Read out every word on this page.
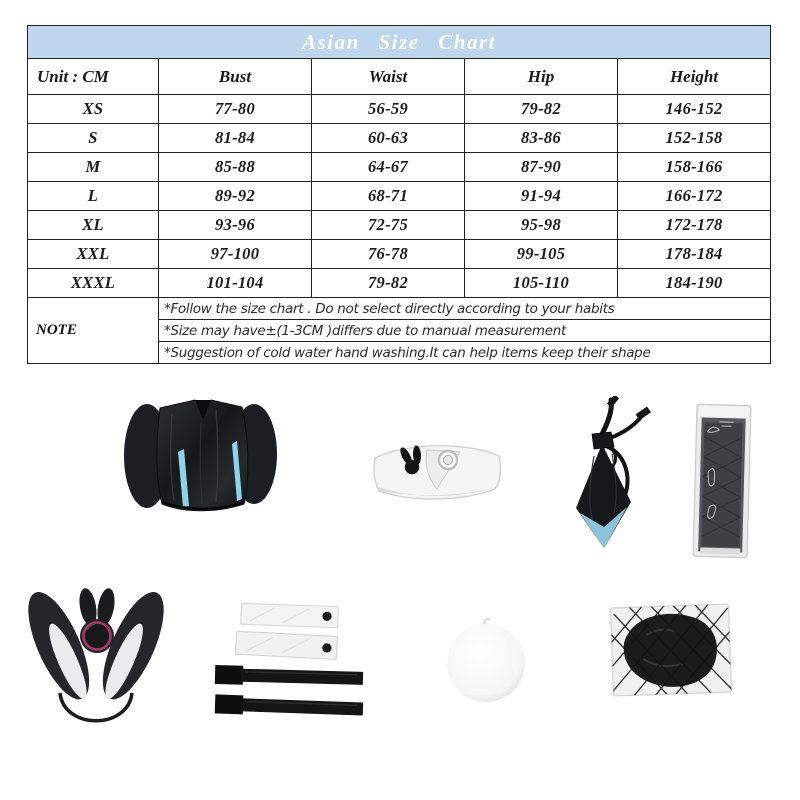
Asian Size Chart				
Unit : CM	Bust	Waist	Hip	Height
XS	77-80	56-59	79-82	146-152
S	81-84	60-63	83-86	152-158
M	85-88	64-67	87-90	158-166
L	89-92	68-71	91-94	166-172
XL	93-96	72-75	95-98	172-178
XXL	97-100	76-78	99-105	178-184
XXXL	101-104	79-82	105-110	184-190
NOTE	*Follow the size chart . Do not select directly according to your habits			
	*Size may have±(1-3CM )differs due to manual measurement			
	*Suggestion of cold water hand washing.It can help items keep their shape			
